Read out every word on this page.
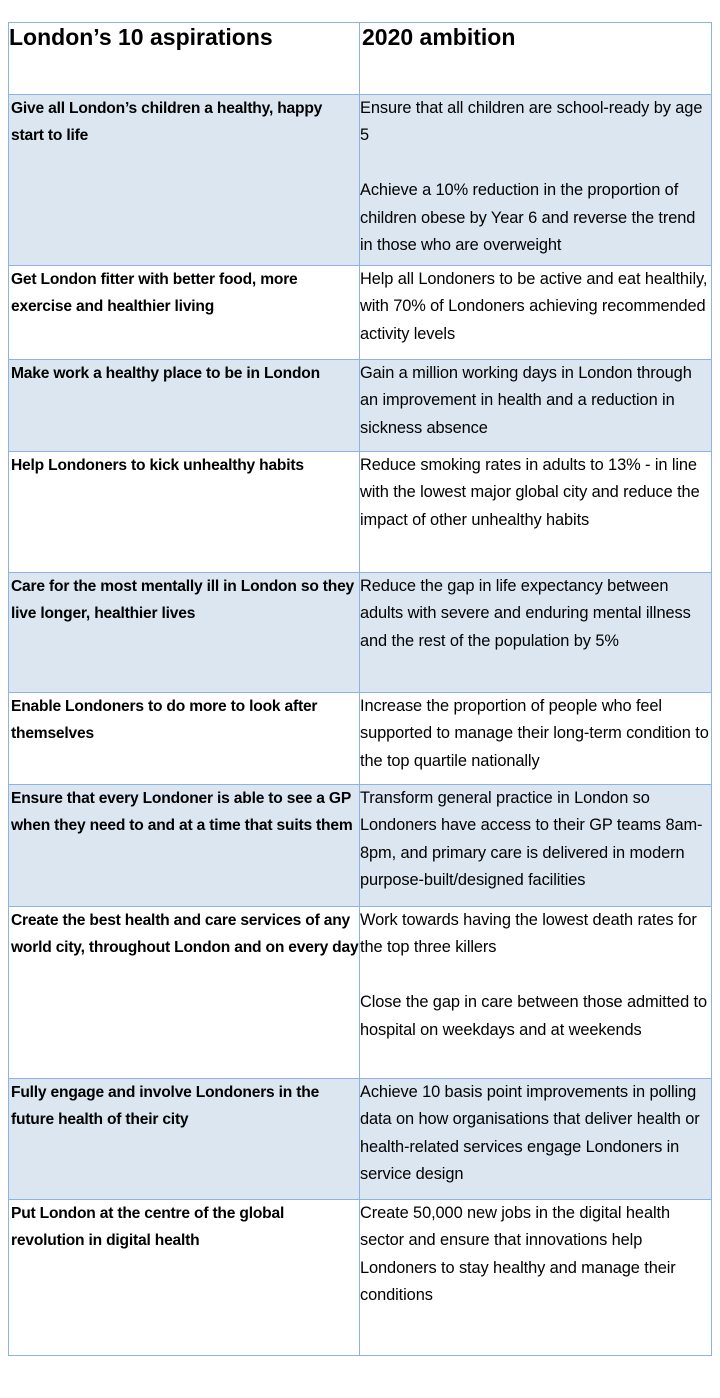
London’s 10 aspirations	2020 ambition
Give all London’s children a healthy, happy start to life	Ensure that all children are school-ready by age 5
Achieve a 10% reduction in the proportion of children obese by Year 6 and reverse the trend in those who are overweight

Get London fitter with better food, more exercise and healthier living	Help all Londoners to be active and eat healthily, with 70% of Londoners achieving recommended activity levels

Make work a healthy place to be in London	Gain a million working days in London through an improvement in health and a reduction in sickness absence

Help Londoners to kick unhealthy habits	Reduce smoking rates in adults to 13% - in line with the lowest major global city and reduce the impact of other unhealthy habits

Care for the most mentally ill in London so they live longer, healthier lives	Reduce the gap in life expectancy between adults with severe and enduring mental illness and the rest of the population by 5%

Enable Londoners to do more to look after themselves	Increase the proportion of people who feel supported to manage their long-term condition to the top quartile nationally

Ensure that every Londoner is able to see a GP when they need to and at a time that suits them	Transform general practice in London so Londoners have access to their GP teams 8am-8pm, and primary care is delivered in modern purpose-built/designed facilities

Create the best health and care services of any world city, throughout London and on every day	Work towards having the lowest death rates for the top three killers
Close the gap in care between those admitted to hospital on weekdays and at weekends

Fully engage and involve Londoners in the future health of their city	Achieve 10 basis point improvements in polling data on how organisations that deliver health or health-related services engage Londoners in service design

Put London at the centre of the global revolution in digital health	Create 50,000 new jobs in the digital health sector and ensure that innovations help Londoners to stay healthy and manage their conditions
